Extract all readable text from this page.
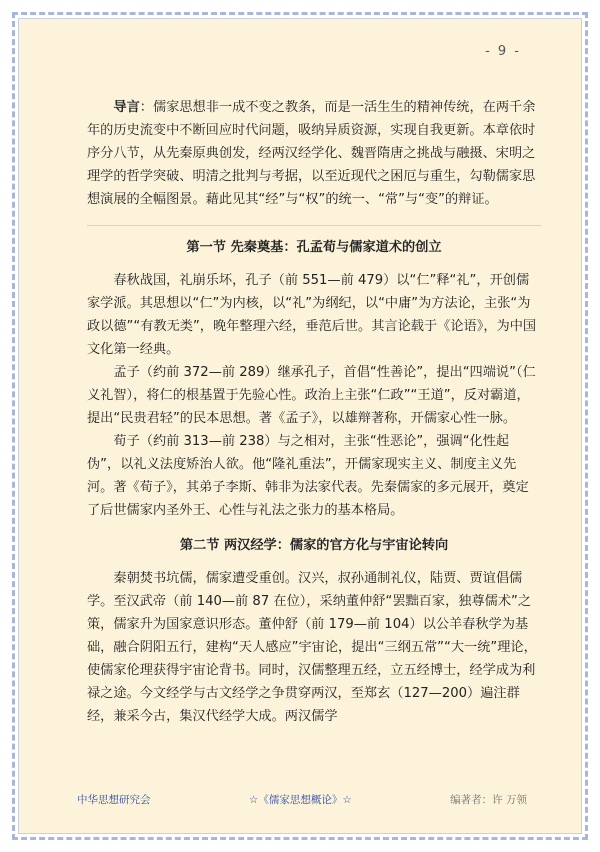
- 9 -

导言：儒家思想非一成不变之教条，而是一活生生的精神传统，在两千余年的历史流变中不断回应时代问题，吸纳异质资源，实现自我更新。本章依时序分八节，从先秦原典创发，经两汉经学化、魏晋隋唐之挑战与融摄、宋明之理学的哲学突破、明清之批判与考据，以至近现代之困厄与重生，勾勒儒家思想演展的全幅图景。藉此见其“经”与“权”的统一、“常”与“变”的辩证。

第一节 先秦奠基：孔孟荀与儒家道术的创立

春秋战国，礼崩乐坏，孔子（前 551—前 479）以“仁”释“礼”，开创儒家学派。其思想以“仁”为内核，以“礼”为纲纪，以“中庸”为方法论，主张“为政以德”“有教无类”，晚年整理六经，垂范后世。其言论载于《论语》，为中国文化第一经典。

孟子（约前 372—前 289）继承孔子，首倡“性善论”，提出“四端说”（仁义礼智），将仁的根基置于先验心性。政治上主张“仁政”“王道”，反对霸道，提出“民贵君轻”的民本思想。著《孟子》，以雄辩著称，开儒家心性一脉。

荀子（约前 313—前 238）与之相对，主张“性恶论”，强调“化性起伪”，以礼义法度矫治人欲。他“隆礼重法”，开儒家现实主义、制度主义先河。著《荀子》，其弟子李斯、韩非为法家代表。先秦儒家的多元展开，奠定了后世儒家内圣外王、心性与礼法之张力的基本格局。

第二节 两汉经学：儒家的官方化与宇宙论转向

秦朝焚书坑儒，儒家遭受重创。汉兴，叔孙通制礼仪，陆贾、贾谊倡儒学。至汉武帝（前 140—前 87 在位），采纳董仲舒“罢黜百家，独尊儒术”之策，儒家升为国家意识形态。董仲舒（前 179—前 104）以公羊春秋学为基础，融合阴阳五行，建构“天人感应”宇宙论，提出“三纲五常”“大一统”理论，使儒家伦理获得宇宙论背书。同时，汉儒整理五经，立五经博士，经学成为利禄之途。今文经学与古文经学之争贯穿两汉，至郑玄（127—200）遍注群经，兼采今古，集汉代经学大成。两汉儒学

中华思想研究会	☆《儒家思想概论》☆	编著者：许 万领
